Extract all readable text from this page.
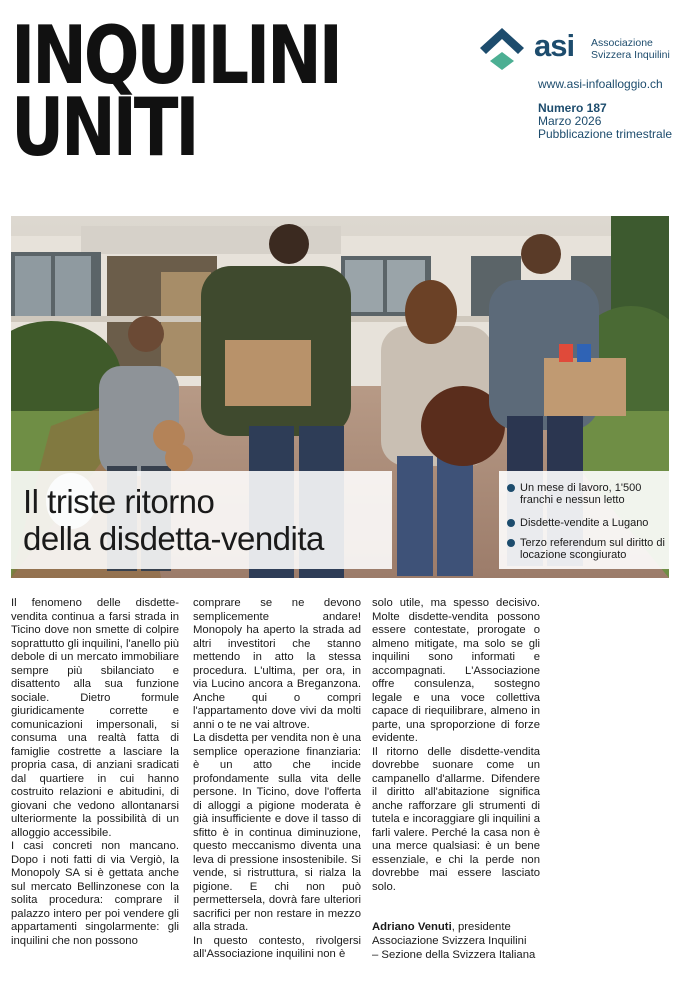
INQUILINI
UNITI
asi Associazione
Svizzera Inquilini
www.asi-infoalloggio.ch
Numero 187
Marzo 2026
Pubblicazione trimestrale
Il triste ritorno
della disdetta-vendita
Un mese di lavoro, 1'500 franchi e nessun letto
Disdette-vendite a Lugano
Terzo referendum sul diritto di locazione scongiurato

Il fenomeno delle disdette-vendita continua a farsi strada in Ticino dove non smette di colpire soprattutto gli inquilini, l'anello più debole di un mercato immobiliare sempre più sbilanciato e disattento alla sua funzione sociale. Dietro formule giuridicamente corrette e comunicazioni impersonali, si consuma una realtà fatta di famiglie costrette a lasciare la propria casa, di anziani sradicati dal quartiere in cui hanno costruito relazioni e abitudini, di giovani che vedono allontanarsi ulteriormente la possibilità di un alloggio accessibile.

I casi concreti non mancano. Dopo i noti fatti di via Vergiò, la Monopoly SA si è gettata anche sul mercato Bellinzonese con la solita procedura: comprare il palazzo intero per poi vendere gli appartamenti singolarmente: gli inquilini che non possono

comprare se ne devono semplicemente andare! Monopoly ha aperto la strada ad altri investitori che stanno mettendo in atto la stessa procedura. L'ultima, per ora, in via Lucino ancora a Breganzona. Anche qui o compri l'appartamento dove vivi da molti anni o te ne vai altrove.

La disdetta per vendita non è una semplice operazione finanziaria: è un atto che incide profondamente sulla vita delle persone. In Ticino, dove l'offerta di alloggi a pigione moderata è già insufficiente e dove il tasso di sfitto è in continua diminuzione, questo meccanismo diventa una leva di pressione insostenibile. Si vende, si ristruttura, si rialza la pigione. E chi non può permettersela, dovrà fare ulteriori sacrifici per non restare in mezzo alla strada.

In questo contesto, rivolgersi all'Associazione inquilini non è

solo utile, ma spesso decisivo. Molte disdette-vendita possono essere contestate, prorogate o almeno mitigate, ma solo se gli inquilini sono informati e accompagnati. L'Associazione offre consulenza, sostegno legale e una voce collettiva capace di riequilibrare, almeno in parte, una sproporzione di forze evidente.

Il ritorno delle disdette-vendita dovrebbe suonare come un campanello d'allarme. Difendere il diritto all'abitazione significa anche rafforzare gli strumenti di tutela e incoraggiare gli inquilini a farli valere. Perché la casa non è una merce qualsiasi: è un bene essenziale, e chi la perde non dovrebbe mai essere lasciato solo.

Adriano Venuti, presidente
Associazione Svizzera Inquilini
– Sezione della Svizzera Italiana
